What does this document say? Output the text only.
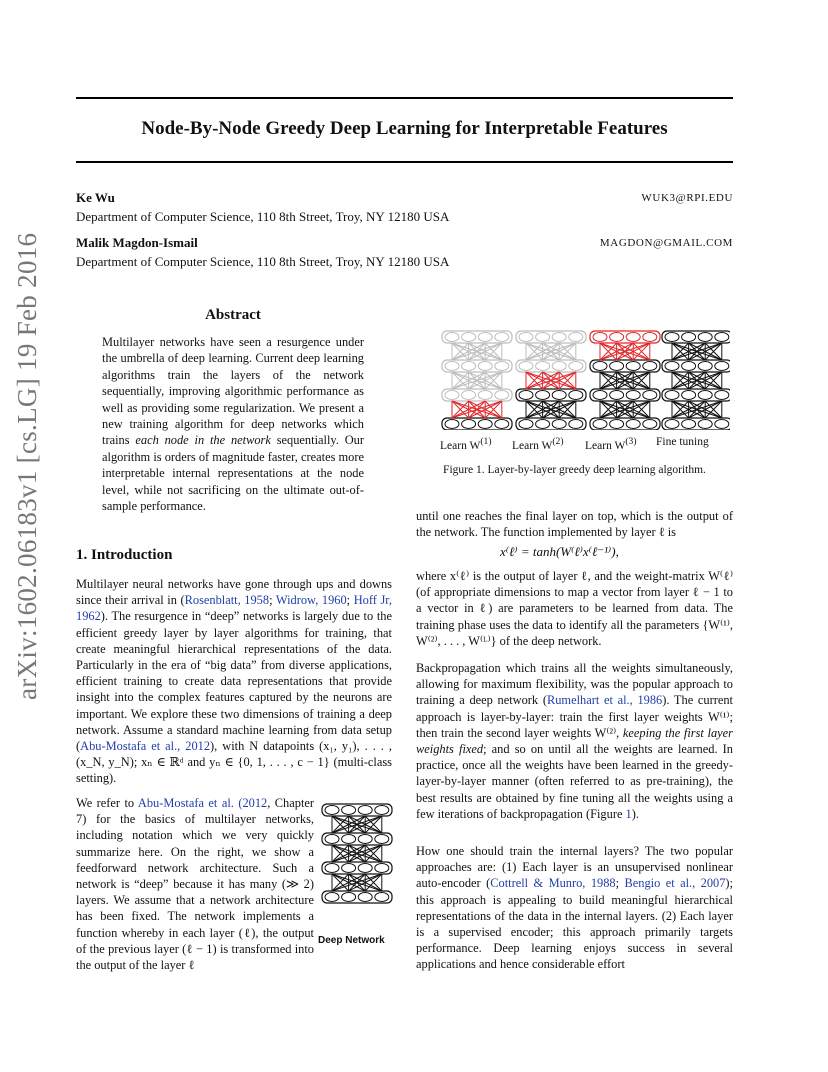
Node-By-Node Greedy Deep Learning for Interpretable Features
Ke Wu	WUK3@RPI.EDU
Department of Computer Science, 110 8th Street, Troy, NY 12180 USA
Malik Magdon-Ismail	MAGDON@GMAIL.COM
Department of Computer Science, 110 8th Street, Troy, NY 12180 USA
arXiv:1602.06183v1 [cs.LG] 19 Feb 2016	Abstract
Multilayer networks have seen a resurgence under the umbrella of deep learning. Current deep learning algorithms train the layers of the network sequentially, improving algorithmic performance as well as providing some regularization. We present a new training algorithm for deep networks which trains each node in the network sequentially. Our algorithm is orders of magnitude faster, creates more interpretable internal representations at the node level, while not sacrificing on the ultimate out-of-sample performance.
1. Introduction
Multilayer neural networks have gone through ups and downs since their arrival in (Rosenblatt, 1958; Widrow, 1960; Hoff Jr, 1962). The resurgence in “deep” networks is largely due to the efficient greedy layer by layer algorithms for training, that create meaningful hierarchical representations of the data. Particularly in the era of “big data” from diverse applications, efficient training to create data representations that provide insight into the complex features captured by the neurons are important. We explore these two dimensions of training a deep network. Assume a standard machine learning from data setup (Abu-Mostafa et al., 2012), with N datapoints (x₁, y₁), . . . , (x_N, y_N); xₙ ∈ ℝᵈ and yₙ ∈ {0, 1, . . . , c − 1} (multi-class setting).
We refer to Abu-Mostafa et al. (2012, Chapter 7) for the basics of multilayer networks, including notation which we very quickly summarize here. On the right, we show a feedforward network architecture. Such a network is “deep” because it has many (≫ 2) layers. We assume that a network architecture has been fixed. The network implements a function whereby in each layer (ℓ), the output of the previous layer (ℓ − 1) is transformed into the output of the layer ℓ
Deep Network
Learn $W^{(1)}$ Learn $W^{(2)}$ Learn $W^{(3)}$ Fine tuning
Figure 1. Layer-by-layer greedy deep learning algorithm.
until one reaches the final layer on top, which is the output of the network. The function implemented by layer ℓ is
x⁽ℓ⁾ = tanh(W⁽ℓ⁾x⁽ℓ⁻¹⁾),
where x⁽ℓ⁾ is the output of layer ℓ, and the weight-matrix W⁽ℓ⁾ (of appropriate dimensions to map a vector from layer ℓ − 1 to a vector in ℓ) are parameters to be learned from data. The training phase uses the data to identify all the parameters {W⁽¹⁾, W⁽²⁾, . . . , W⁽ᴸ⁾} of the deep network.
Backpropagation which trains all the weights simultaneously, allowing for maximum flexibility, was the popular approach to training a deep network (Rumelhart et al., 1986). The current approach is layer-by-layer: train the first layer weights W⁽¹⁾; then train the second layer weights W⁽²⁾, keeping the first layer weights fixed; and so on until all the weights are learned. In practice, once all the weights have been learned in the greedy-layer-by-layer manner (often referred to as pre-training), the best results are obtained by fine tuning all the weights using a few iterations of backpropagation (Figure 1).
How one should train the internal layers? The two popular approaches are: (1) Each layer is an unsupervised nonlinear auto-encoder (Cottrell & Munro, 1988; Bengio et al., 2007); this approach is appealing to build meaningful hierarchical representations of the data in the internal layers. (2) Each layer is a supervised encoder; this approach primarily targets performance. Deep learning enjoys success in several applications and hence considerable effort
